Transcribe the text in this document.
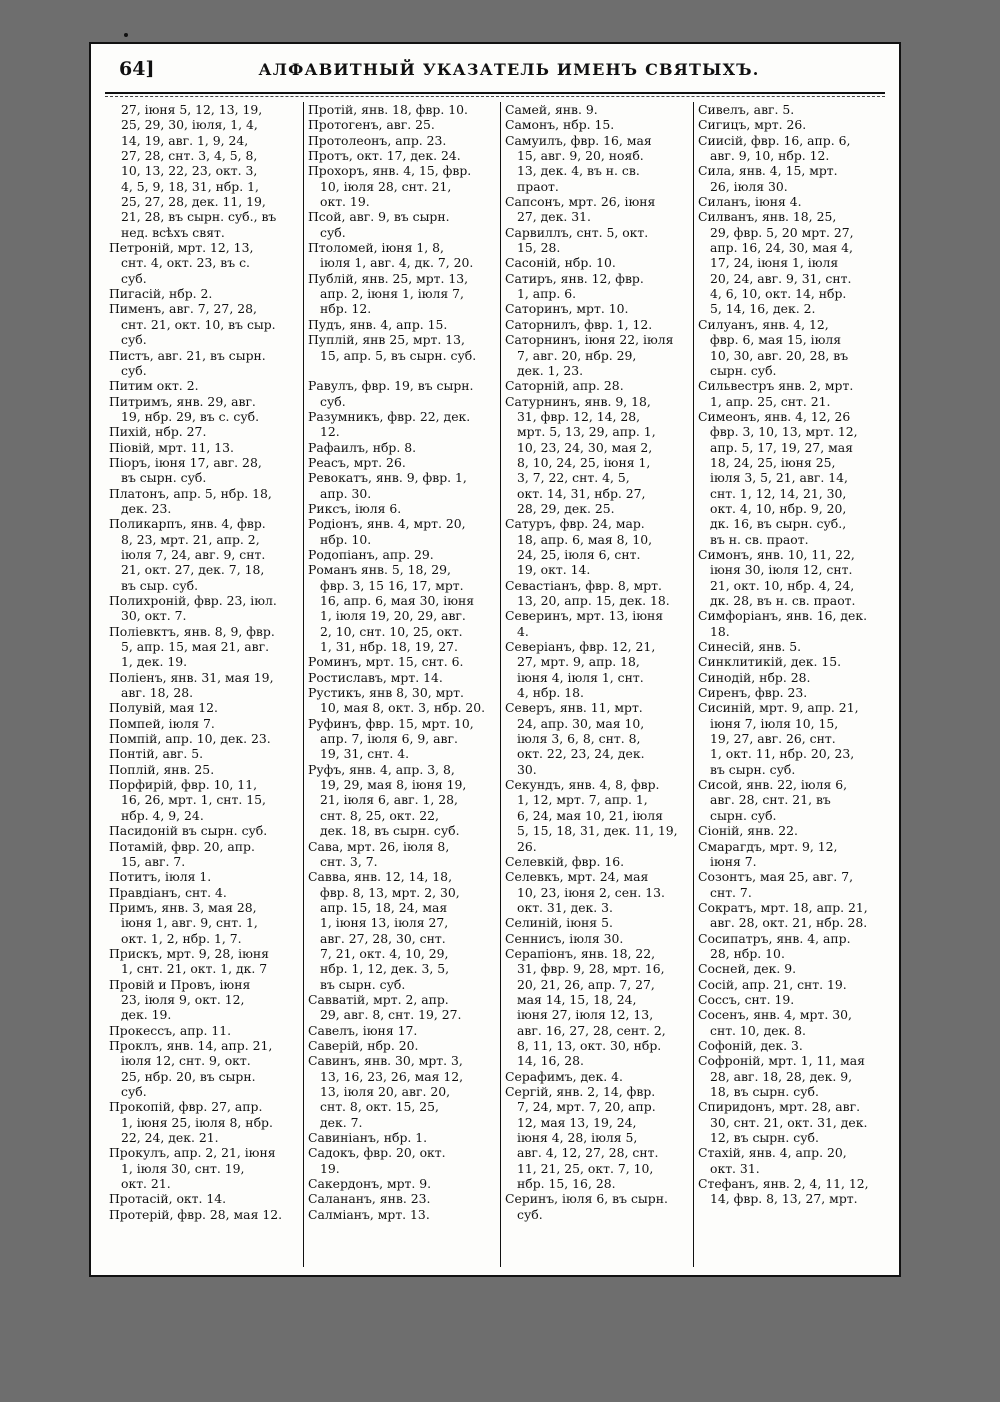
64]	АЛФАВИТНЫЙ УКАЗАТЕЛЬ ИМЕНЪ СВЯТЫХЪ.
27, іюня 5, 12, 13, 19,
25, 29, 30, іюля, 1, 4,
14, 19, авг. 1, 9, 24,
27, 28, снт. 3, 4, 5, 8,
10, 13, 22, 23, окт. 3,
4, 5, 9, 18, 31, нбр. 1,
25, 27, 28, дек. 11, 19,
21, 28, въ сырн. суб., въ
нед. всѣхъ свят.
Петроній, мрт. 12, 13,
снт. 4, окт. 23, въ с.
суб.
Пигасій, нбр. 2.
Пименъ, авг. 7, 27, 28,
снт. 21, окт. 10, въ сыр.
суб.
Пистъ, авг. 21, въ сырн.
суб.
Питим окт. 2.
Питримъ, янв. 29, авг.
19, нбр. 29, въ с. суб.
Пихій, нбр. 27.
Піовій, мрт. 11, 13.
Піоръ, іюня 17, авг. 28,
въ сырн. суб.
Платонъ, апр. 5, нбр. 18,
дек. 23.
Поликарпъ, янв. 4, фвр.
8, 23, мрт. 21, апр. 2,
іюля 7, 24, авг. 9, снт.
21, окт. 27, дек. 7, 18,
въ сыр. суб.
Полихроній, фвр. 23, іюл.
30, окт. 7.
Поліевктъ, янв. 8, 9, фвр.
5, апр. 15, мая 21, авг.
1, дек. 19.
Поліенъ, янв. 31, мая 19,
авг. 18, 28.
Полувій, мая 12.
Помпей, іюля 7.
Помпій, апр. 10, дек. 23.
Понтій, авг. 5.
Поплій, янв. 25.
Порфирій, фвр. 10, 11,
16, 26, мрт. 1, снт. 15,
нбр. 4, 9, 24.
Пасидоній въ сырн. суб.
Потамій, фвр. 20, апр.
15, авг. 7.
Потитъ, іюля 1.
Правдіанъ, снт. 4.
Примъ, янв. 3, мая 28,
іюня 1, авг. 9, снт. 1,
окт. 1, 2, нбр. 1, 7.
Прискъ, мрт. 9, 28, іюня
1, снт. 21, окт. 1, дк. 7
Провій и Провъ, іюня
23, іюля 9, окт. 12,
дек. 19.
Прокессъ, апр. 11.
Проклъ, янв. 14, апр. 21,
іюля 12, снт. 9, окт.
25, нбр. 20, въ сырн.
суб.
Прокопій, фвр. 27, апр.
1, іюня 25, іюля 8, нбр.
22, 24, дек. 21.
Прокулъ, апр. 2, 21, іюня
1, іюля 30, снт. 19,
окт. 21.
Протасій, окт. 14.
Протерій, фвр. 28, мая 12.
Протій, янв. 18, фвр. 10.
Протогенъ, авг. 25.
Протолеонъ, апр. 23.
Протъ, окт. 17, дек. 24.
Прохоръ, янв. 4, 15, фвр.
10, іюля 28, снт. 21,
окт. 19.
Псой, авг. 9, въ сырн.
суб.
Птоломей, іюня 1, 8,
іюля 1, авг. 4, дк. 7, 20.
Публій, янв. 25, мрт. 13,
апр. 2, іюня 1, іюля 7,
нбр. 12.
Пудъ, янв. 4, апр. 15.
Пуплій, янв 25, мрт. 13,
15, апр. 5, въ сырн. суб.

Равулъ, фвр. 19, въ сырн.
суб.
Разумникъ, фвр. 22, дек.
12.
Рафаилъ, нбр. 8.
Реасъ, мрт. 26.
Ревокатъ, янв. 9, фвр. 1,
апр. 30.
Риксъ, іюля 6.
Родіонъ, янв. 4, мрт. 20,
нбр. 10.
Родопіанъ, апр. 29.
Романъ янв. 5, 18, 29,
фвр. 3, 15 16, 17, мрт.
16, апр. 6, мая 30, іюня
1, іюля 19, 20, 29, авг.
2, 10, снт. 10, 25, окт.
1, 31, нбр. 18, 19, 27.
Роминъ, мрт. 15, снт. 6.
Ростиславъ, мрт. 14.
Рустикъ, янв 8, 30, мрт.
10, мая 8, окт. 3, нбр. 20.
Руфинъ, фвр. 15, мрт. 10,
апр. 7, іюля 6, 9, авг.
19, 31, снт. 4.
Руфъ, янв. 4, апр. 3, 8,
19, 29, мая 8, іюня 19,
21, іюля 6, авг. 1, 28,
снт. 8, 25, окт. 22,
дек. 18, въ сырн. суб.
Сава, мрт. 26, іюля 8,
снт. 3, 7.
Савва, янв. 12, 14, 18,
фвр. 8, 13, мрт. 2, 30,
апр. 15, 18, 24, мая
1, іюня 13, іюля 27,
авг. 27, 28, 30, снт.
7, 21, окт. 4, 10, 29,
нбр. 1, 12, дек. 3, 5,
въ сырн. суб.
Савватій, мрт. 2, апр.
29, авг. 8, снт. 19, 27.
Савелъ, іюня 17.
Саверій, нбр. 20.
Савинъ, янв. 30, мрт. 3,
13, 16, 23, 26, мая 12,
13, іюля 20, авг. 20,
снт. 8, окт. 15, 25,
дек. 7.
Савиніанъ, нбр. 1.
Садокъ, фвр. 20, окт.
19.
Сакердонъ, мрт. 9.
Салананъ, янв. 23.
Салміанъ, мрт. 13.
Самей, янв. 9.
Самонъ, нбр. 15.
Самуилъ, фвр. 16, мая
15, авг. 9, 20, нояб.
13, дек. 4, въ н. св.
праот.
Сапсонъ, мрт. 26, іюня
27, дек. 31.
Сарвиллъ, снт. 5, окт.
15, 28.
Сасоній, нбр. 10.
Сатиръ, янв. 12, фвр.
1, апр. 6.
Саторинъ, мрт. 10.
Саторнилъ, фвр. 1, 12.
Саторнинъ, іюня 22, іюля
7, авг. 20, нбр. 29,
дек. 1, 23.
Саторній, апр. 28.
Сатурнинъ, янв. 9, 18,
31, фвр. 12, 14, 28,
мрт. 5, 13, 29, апр. 1,
10, 23, 24, 30, мая 2,
8, 10, 24, 25, іюня 1,
3, 7, 22, снт. 4, 5,
окт. 14, 31, нбр. 27,
28, 29, дек. 25.
Сатуръ, фвр. 24, мар.
18, апр. 6, мая 8, 10,
24, 25, іюля 6, снт.
19, окт. 14.
Севастіанъ, фвр. 8, мрт.
13, 20, апр. 15, дек. 18.
Северинъ, мрт. 13, іюня
4.
Северіанъ, фвр. 12, 21,
27, мрт. 9, апр. 18,
іюня 4, іюля 1, снт.
4, нбр. 18.
Северъ, янв. 11, мрт.
24, апр. 30, мая 10,
іюля 3, 6, 8, снт. 8,
окт. 22, 23, 24, дек.
30.
Секундъ, янв. 4, 8, фвр.
1, 12, мрт. 7, апр. 1,
6, 24, мая 10, 21, іюля
5, 15, 18, 31, дек. 11, 19,
26.
Селевкій, фвр. 16.
Селевкъ, мрт. 24, мая
10, 23, іюня 2, сен. 13.
окт. 31, дек. 3.
Селиній, іюня 5.
Сеннисъ, іюля 30.
Серапіонъ, янв. 18, 22,
31, фвр. 9, 28, мрт. 16,
20, 21, 26, апр. 7, 27,
мая 14, 15, 18, 24,
іюня 27, іюля 12, 13,
авг. 16, 27, 28, сент. 2,
8, 11, 13, окт. 30, нбр.
14, 16, 28.
Серафимъ, дек. 4.
Сергій, янв. 2, 14, фвр.
7, 24, мрт. 7, 20, апр.
12, мая 13, 19, 24,
іюня 4, 28, іюля 5,
авг. 4, 12, 27, 28, снт.
11, 21, 25, окт. 7, 10,
нбр. 15, 16, 28.
Серинъ, іюля 6, въ сырн.
суб.
Сивелъ, авг. 5.
Сигицъ, мрт. 26.
Сиисій, фвр. 16, апр. 6,
авг. 9, 10, нбр. 12.
Сила, янв. 4, 15, мрт.
26, іюля 30.
Силанъ, іюня 4.
Силванъ, янв. 18, 25,
29, фвр. 5, 20 мрт. 27,
апр. 16, 24, 30, мая 4,
17, 24, іюня 1, іюля
20, 24, авг. 9, 31, снт.
4, 6, 10, окт. 14, нбр.
5, 14, 16, дек. 2.
Силуанъ, янв. 4, 12,
фвр. 6, мая 15, іюля
10, 30, авг. 20, 28, въ
сырн. суб.
Сильвестръ янв. 2, мрт.
1, апр. 25, снт. 21.
Симеонъ, янв. 4, 12, 26
фвр. 3, 10, 13, мрт. 12,
апр. 5, 17, 19, 27, мая
18, 24, 25, іюня 25,
іюля 3, 5, 21, авг. 14,
снт. 1, 12, 14, 21, 30,
окт. 4, 10, нбр. 9, 20,
дк. 16, въ сырн. суб.,
въ н. св. праот.
Симонъ, янв. 10, 11, 22,
іюня 30, іюля 12, снт.
21, окт. 10, нбр. 4, 24,
дк. 28, въ н. св. праот.
Симфоріанъ, янв. 16, дек.
18.
Синесій, янв. 5.
Синклитикій, дек. 15.
Синодій, нбр. 28.
Сиренъ, фвр. 23.
Сисиній, мрт. 9, апр. 21,
іюня 7, іюля 10, 15,
19, 27, авг. 26, снт.
1, окт. 11, нбр. 20, 23,
въ сырн. суб.
Сисой, янв. 22, іюля 6,
авг. 28, снт. 21, въ
сырн. суб.
Сіоній, янв. 22.
Смарагдъ, мрт. 9, 12,
іюня 7.
Созонтъ, мая 25, авг. 7,
снт. 7.
Сократъ, мрт. 18, апр. 21,
авг. 28, окт. 21, нбр. 28.
Сосипатръ, янв. 4, апр.
28, нбр. 10.
Сосней, дек. 9.
Сосій, апр. 21, снт. 19.
Соссъ, снт. 19.
Сосенъ, янв. 4, мрт. 30,
снт. 10, дек. 8.
Софоній, дек. 3.
Софроній, мрт. 1, 11, мая
28, авг. 18, 28, дек. 9,
18, въ сырн. суб.
Спиридонъ, мрт. 28, авг.
30, снт. 21, окт. 31, дек.
12, въ сырн. суб.
Стахій, янв. 4, апр. 20,
окт. 31.
Стефанъ, янв. 2, 4, 11, 12,
14, фвр. 8, 13, 27, мрт.
